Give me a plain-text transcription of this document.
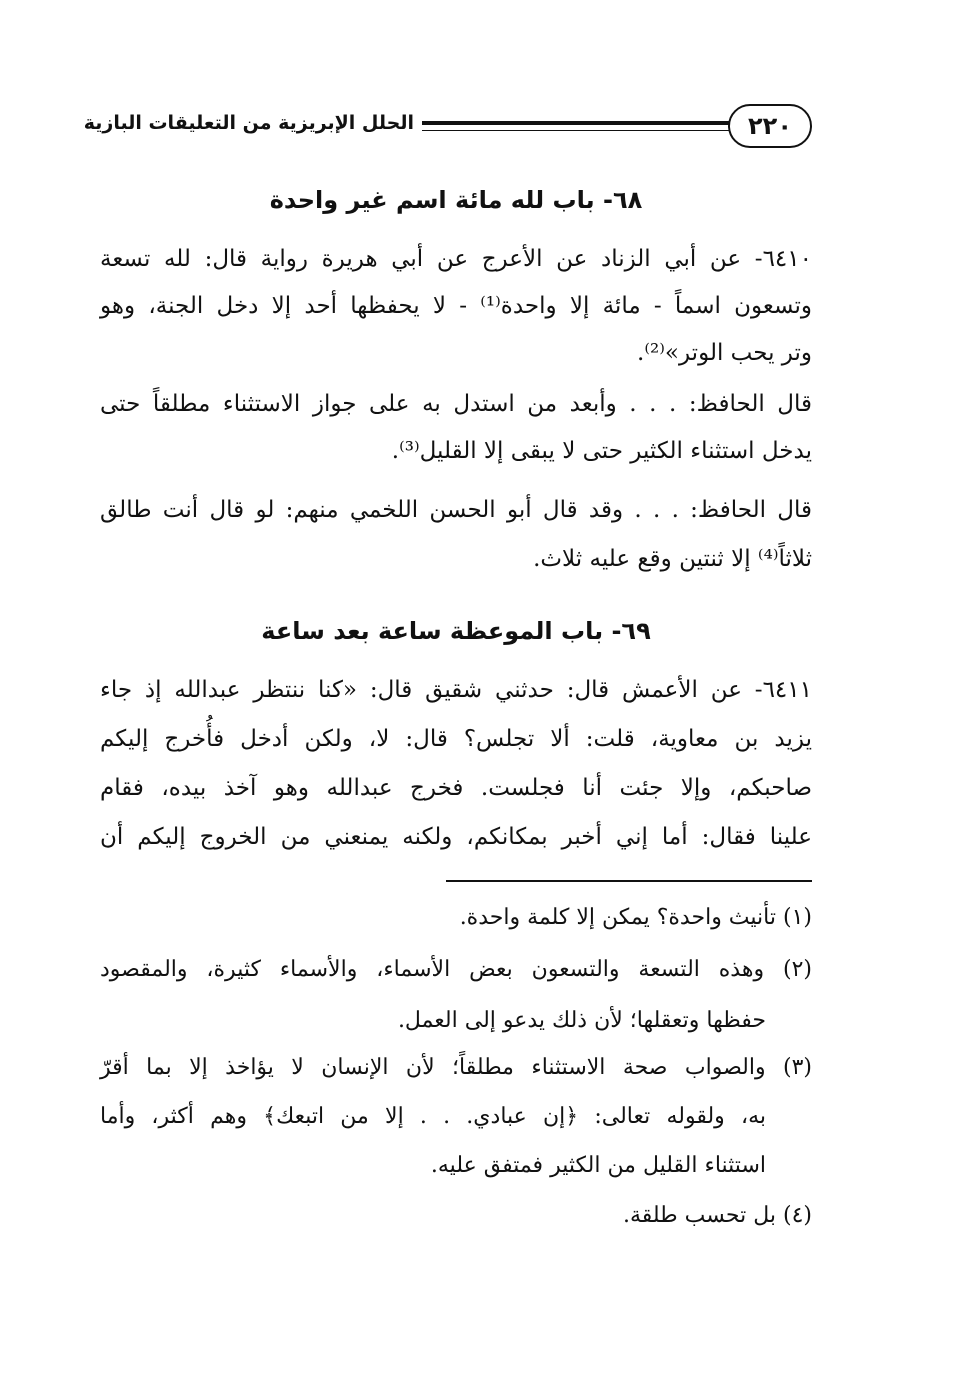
٢٢٠
الحلل الإبريزية من التعليقات البازية
٦٨- باب لله مائة اسم غير واحدة
٦٤١٠- عن أبي الزناد عن الأعرج عن أبي هريرة رواية قال: لله تسعة
وتسعون اسماً - مائة إلا واحدة⁽¹⁾ - لا يحفظها أحد إلا دخل الجنة، وهو
وتر يحب الوتر»⁽²⁾.
قال الحافظ: . . . وأبعد من استدل به على جواز الاستثناء مطلقاً حتى
يدخل استثناء الكثير حتى لا يبقى إلا القليل⁽³⁾.
قال الحافظ: . . . وقد قال أبو الحسن اللخمي منهم: لو قال أنت طالق
ثلاثاً⁽⁴⁾ إلا ثنتين وقع عليه ثلاث.
٦٩- باب الموعظة ساعة بعد ساعة
٦٤١١- عن الأعمش قال: حدثني شقيق قال: «كنا ننتظر عبدالله إذ جاء
يزيد بن معاوية، قلت: ألا تجلس؟ قال: لا، ولكن أدخل فأُخرج إليكم
صاحبكم، وإلا جئت أنا فجلست. فخرج عبدالله وهو آخذ بيده، فقام
علينا فقال: أما إني أخبر بمكانكم، ولكنه يمنعني من الخروج إليكم أن
(١) تأنيث واحدة؟ يمكن إلا كلمة واحدة.
(٢) وهذه التسعة والتسعون بعض الأسماء، والأسماء كثيرة، والمقصود
حفظها وتعقلها؛ لأن ذلك يدعو إلى العمل.
(٣) والصواب صحة الاستثناء مطلقاً؛ لأن الإنسان لا يؤاخذ إلا بما أقرّ
به، ولقوله تعالى: ﴿إن عبادي. . . إلا من اتبعك﴾ وهم أكثر، وأما
استثناء القليل من الكثير فمتفق عليه.
(٤) بل تحسب طلقة.
